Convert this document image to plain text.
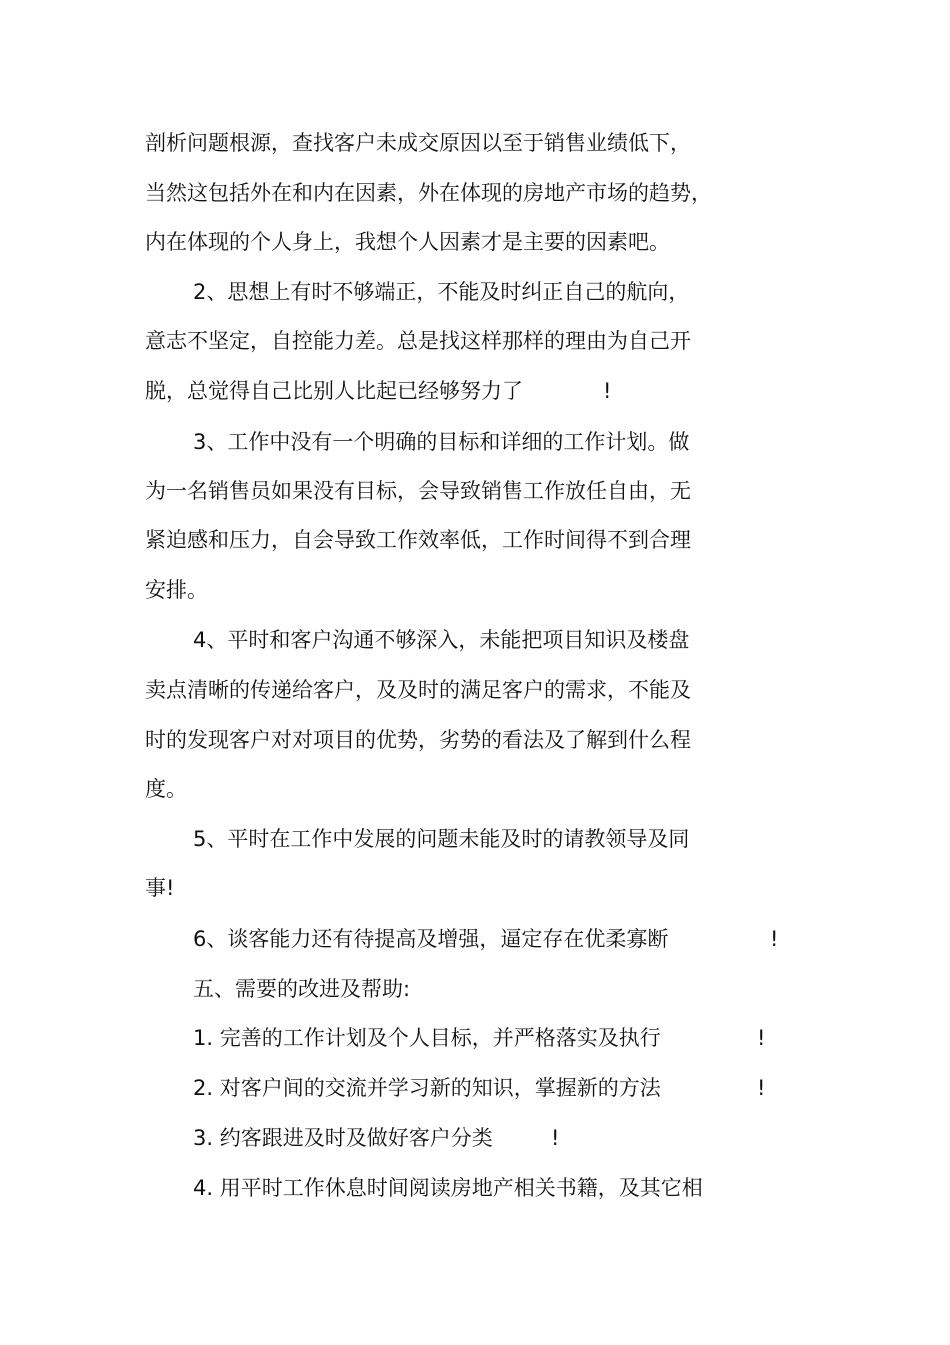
剖析问题根源，查找客户未成交原因以至于销售业绩低下，
当然这包括外在和内在因素，外在体现的房地产市场的趋势，
内在体现的个人身上，我想个人因素才是主要的因素吧。
2、思想上有时不够端正，不能及时纠正自己的航向，
意志不坚定，自控能力差。总是找这样那样的理由为自己开
脱，总觉得自己比别人比起已经够努力了	!
3、工作中没有一个明确的目标和详细的工作计划。做
为一名销售员如果没有目标，会导致销售工作放任自由，无
紧迫感和压力，自会导致工作效率低，工作时间得不到合理
安排。
4、平时和客户沟通不够深入，未能把项目知识及楼盘
卖点清晰的传递给客户，及及时的满足客户的需求，不能及
时的发现客户对对项目的优势，劣势的看法及了解到什么程
度。
5、平时在工作中发展的问题未能及时的请教领导及同
事!
6、谈客能力还有待提高及增强，逼定存在优柔寡断	!
五、需要的改进及帮助:
1. 完善的工作计划及个人目标，并严格落实及执行	!
2. 对客户间的交流并学习新的知识，掌握新的方法	!
3. 约客跟进及时及做好客户分类	!
4. 用平时工作休息时间阅读房地产相关书籍，及其它相
